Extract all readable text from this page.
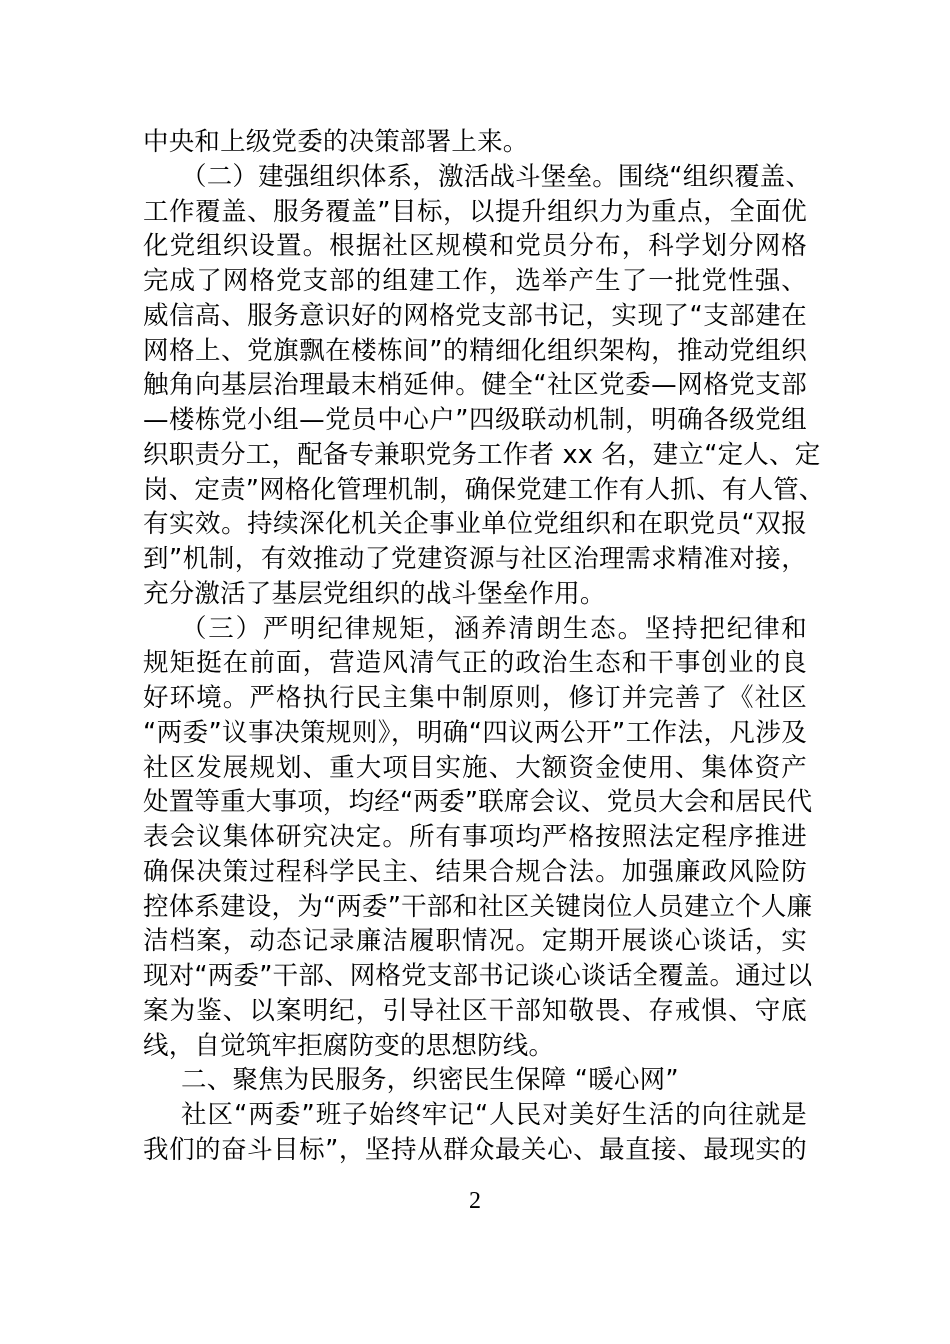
中央和上级党委的决策部署上来。
（二）建强组织体系，激活战斗堡垒。围绕“组织覆盖、
工作覆盖、服务覆盖”目标，以提升组织力为重点，全面优
化党组织设置。根据社区规模和党员分布，科学划分网格
完成了网格党支部的组建工作，选举产生了一批党性强、
威信高、服务意识好的网格党支部书记，实现了“支部建在
网格上、党旗飘在楼栋间”的精细化组织架构，推动党组织
触角向基层治理最末梢延伸。健全“社区党委—网格党支部
—楼栋党小组—党员中心户”四级联动机制，明确各级党组
织职责分工，配备专兼职党务工作者 xx 名，建立“定人、定
岗、定责”网格化管理机制，确保党建工作有人抓、有人管、
有实效。持续深化机关企事业单位党组织和在职党员“双报
到”机制，有效推动了党建资源与社区治理需求精准对接，
充分激活了基层党组织的战斗堡垒作用。
（三）严明纪律规矩，涵养清朗生态。坚持把纪律和
规矩挺在前面，营造风清气正的政治生态和干事创业的良
好环境。严格执行民主集中制原则，修订并完善了《社区
“两委”议事决策规则》，明确“四议两公开”工作法，凡涉及
社区发展规划、重大项目实施、大额资金使用、集体资产
处置等重大事项，均经“两委”联席会议、党员大会和居民代
表会议集体研究决定。所有事项均严格按照法定程序推进
确保决策过程科学民主、结果合规合法。加强廉政风险防
控体系建设，为“两委”干部和社区关键岗位人员建立个人廉
洁档案，动态记录廉洁履职情况。定期开展谈心谈话，实
现对“两委”干部、网格党支部书记谈心谈话全覆盖。通过以
案为鉴、以案明纪，引导社区干部知敬畏、存戒惧、守底
线，自觉筑牢拒腐防变的思想防线。
二、聚焦为民服务，织密民生保障 “暖心网”
社区“两委”班子始终牢记“人民对美好生活的向往就是
我们的奋斗目标”，坚持从群众最关心、最直接、最现实的
2
